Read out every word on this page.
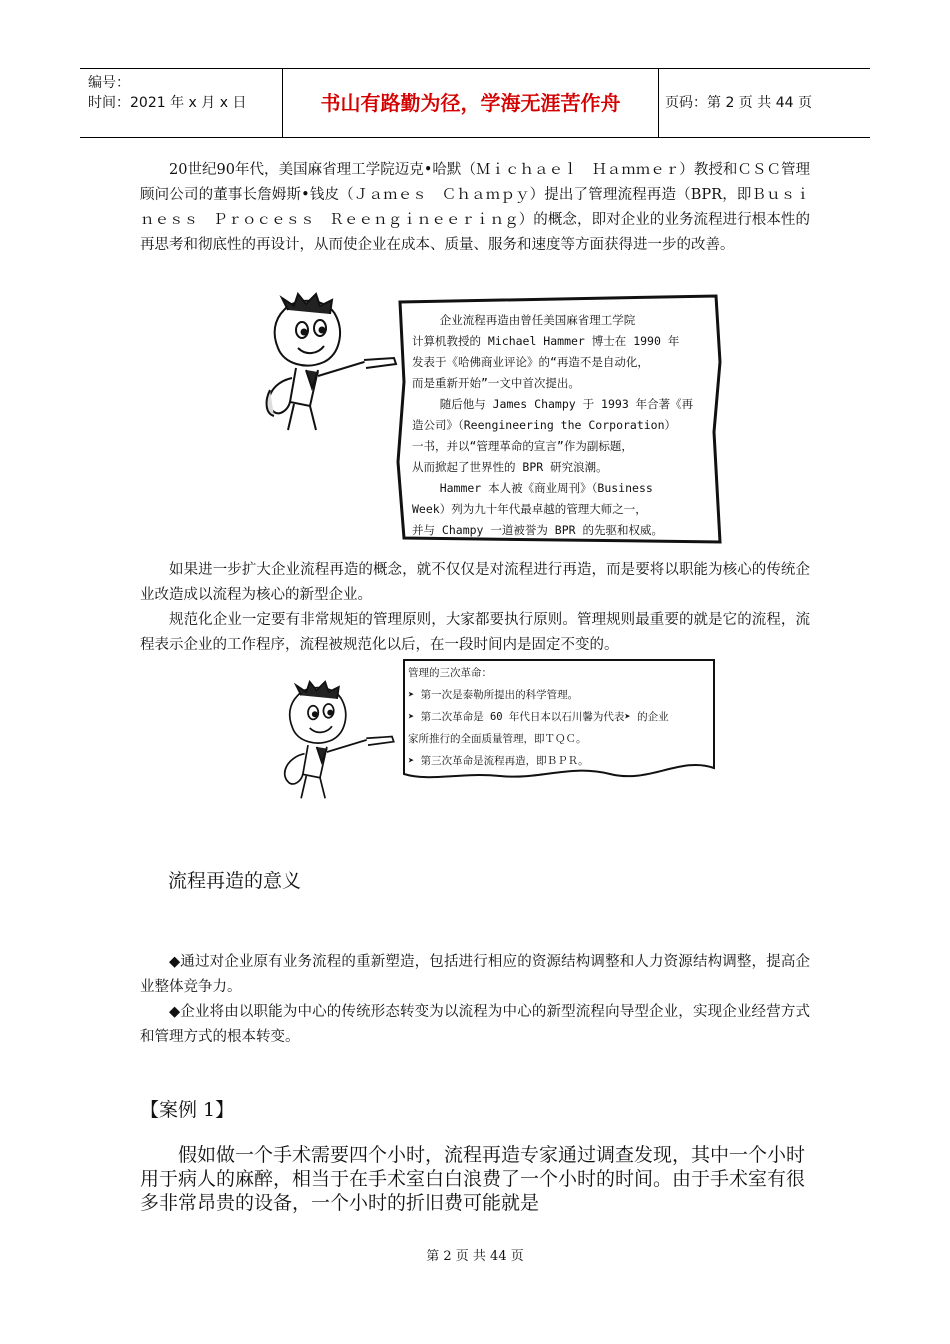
编号：
时间：2021 年 x 月 x 日	书山有路勤为径，学海无涯苦作舟	页码：第 2 页 共 44 页

20世纪90年代，美国麻省理工学院迈克•哈默（Ｍｉｃｈａｅｌ　Ｈａｍｍｅｒ）教授和ＣＳＣ管理顾问公司的董事长詹姆斯•钱皮（Ｊａｍｅｓ　Ｃｈａｍｐｙ）提出了管理流程再造（BPR，即Ｂｕｓｉｎｅｓｓ　Ｐｒｏｃｅｓｓ　Ｒｅｅｎｇｉｎｅｅｒｉｎｇ）的概念，即对企业的业务流程进行根本性的再思考和彻底性的再设计，从而使企业在成本、质量、服务和速度等方面获得进一步的改善。

企业流程再造由曾任美国麻省理工学院
计算机教授的 Michael Hammer 博士在 1990 年
发表于《哈佛商业评论》的“再造不是自动化，
而是重新开始”一文中首次提出。
随后他与 James Champy 于 1993 年合著《再
造公司》（Reengineering the Corporation）
一书，并以“管理革命的宣言”作为副标题，
从而掀起了世界性的 BPR 研究浪潮。
Hammer 本人被《商业周刊》（Business
Week）列为九十年代最卓越的管理大师之一，
并与 Champy 一道被誉为 BPR 的先驱和权威。

如果进一步扩大企业流程再造的概念，就不仅仅是对流程进行再造，而是要将以职能为核心的传统企业改造成以流程为核心的新型企业。

规范化企业一定要有非常规矩的管理原则，大家都要执行原则。管理规则最重要的就是它的流程，流程表示企业的工作程序，流程被规范化以后，在一段时间内是固定不变的。

管理的三次革命：
➤ 第一次是泰勒所提出的科学管理。
➤ 第二次革命是 60 年代日本以石川馨为代表➤ 的企业
家所推行的全面质量管理，即ＴＱＣ。
➤ 第三次革命是流程再造，即ＢＰＲ。
流程再造的意义

◆通过对企业原有业务流程的重新塑造，包括进行相应的资源结构调整和人力资源结构调整，提高企业整体竞争力。

◆企业将由以职能为中心的传统形态转变为以流程为中心的新型流程向导型企业，实现企业经营方式和管理方式的根本转变。

【案例 1】

假如做一个手术需要四个小时，流程再造专家通过调查发现，其中一个小时用于病人的麻醉，相当于在手术室白白浪费了一个小时的时间。由于手术室有很多非常昂贵的设备，一个小时的折旧费可能就是

第 2 页 共 44 页
